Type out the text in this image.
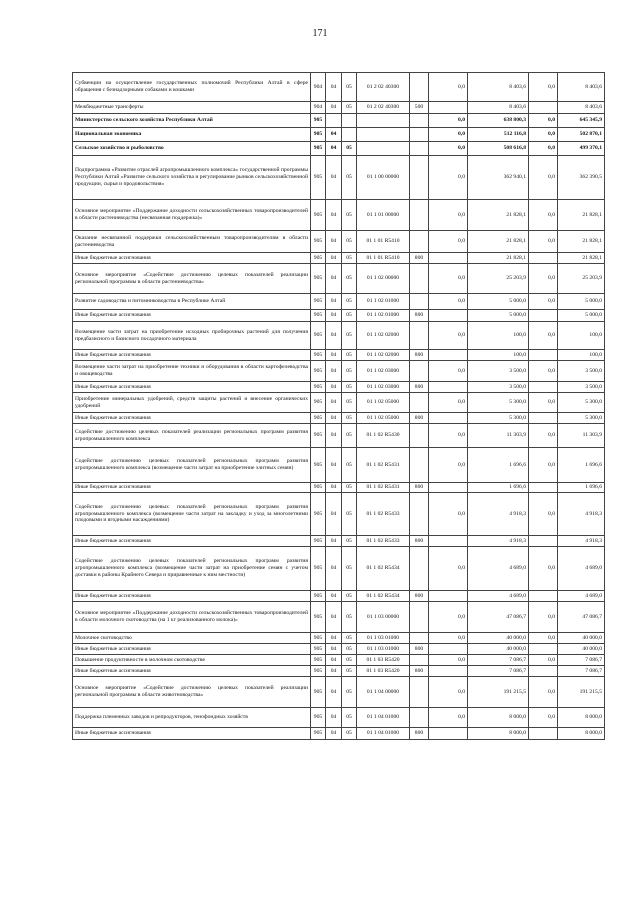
171
Субвенции на осуществление государственных полномочий Республики Алтай в сфере обращения с безнадзорными собаками и кошками	904	04	05	01 2 02 40300		0,0	8 403,6	0,0	8 403,6
Межбюджетные трансферты	904	04	05	01 2 02 40300	500		8 403,6		8 403,6
Министерство сельского хозяйства Республики Алтай	905					0,0	638 800,3	0,0	645 345,9
Национальная экономика	905	04				0,0	512 116,8	0,0	502 870,1
Сельское хозяйство и рыболовство	905	04	05			0,0	508 616,8	0,0	499 370,1
Подпрограмма «Развитие отраслей агропромышленного комплекса» государственной программы Республики Алтай «Развитие сельского хозяйства и регулирование рынков сельскохозяйственной продукции, сырья и продовольствия»	905	04	05	01 1 00 00000		0,0	362 940,1	0,0	362 390,5
Основное мероприятие «Поддержание доходности сельскохозяйственных товаропроизводителей в области растениеводства (несвязанная поддержка)»	905	04	05	01 1 01 00000		0,0	21 828,1	0,0	21 828,1
Оказание несвязанной поддержки сельскохозяйственным товаропроизводителям в области растениеводства	905	04	05	01 1 01 R5410		0,0	21 828,1	0,0	21 828,1
Иные бюджетные ассигнования	905	04	05	01 1 01 R5410	800		21 828,1		21 828,1
Основное мероприятие «Содействие достижению целевых показателей реализации региональной программы в области растениеводства»	905	04	05	01 1 02 00000		0,0	25 203,9	0,0	25 203,9
Развитие садоводства и питомниководства в Республике Алтай	905	04	05	01 1 02 01000		0,0	5 000,0	0,0	5 000,0
Иные бюджетные ассигнования	905	04	05	01 1 02 01000	800		5 000,0		5 000,0
Возмещение части затрат на приобретение исходных пробирочных растений для получения предбазисного и базисного посадочного материала	905	04	05	01 1 02 02000		0,0	100,0	0,0	100,0
Иные бюджетные ассигнования	905	04	05	01 1 02 02000	800		100,0		100,0
Возмещение части затрат на приобретение техники и оборудования в области картофелеводства и овощеводства	905	04	05	01 1 02 03000		0,0	3 500,0	0,0	3 500,0
Иные бюджетные ассигнования	905	04	05	01 1 02 03000	800		3 500,0		3 500,0
Приобретение минеральных удобрений, средств защиты растений и внесение органических удобрений	905	04	05	01 1 02 05000		0,0	5 300,0	0,0	5 300,0
Иные бюджетные ассигнования	905	04	05	01 1 02 05000	800		5 300,0		5 300,0
Содействие достижению целевых показателей реализации региональных программ развития агропромышленного комплекса	905	04	05	01 1 02 R5430		0,0	11 303,9	0,0	11 303,9
Содействие достижению целевых показателей региональных программ развития агропромышленного комплекса (возмещение части затрат на приобретение элитных семян)	905	04	05	01 1 02 R5431		0,0	1 696,6	0,0	1 696,6
Иные бюджетные ассигнования	905	04	05	01 1 02 R5431	800		1 696,6		1 696,6
Содействие достижению целевых показателей региональных программ развития агропромышленного комплекса (возмещение части затрат на закладку и уход за многолетними плодовыми и ягодными насаждениями)	905	04	05	01 1 02 R5433		0,0	4 918,3	0,0	4 918,3
Иные бюджетные ассигнования	905	04	05	01 1 02 R5433	800		4 918,3		4 918,3
Содействие достижению целевых показателей региональных программ развития агропромышленного комплекса (возмещение части затрат на приобретение семян с учетом доставки в районы Крайнего Севера и приравненные к ним местности)	905	04	05	01 1 02 R5434		0,0	4 689,0	0,0	4 689,0
Иные бюджетные ассигнования	905	04	05	01 1 02 R5434	800		4 689,0		4 689,0
Основное мероприятие «Поддержание доходности сельскохозяйственных товаропроизводителей в области молочного скотоводства (на 1 кг реализованного молока)»	905	04	05	01 1 03 00000		0,0	47 086,7	0,0	47 086,7
Молочное скотоводство	905	04	05	01 1 03 01000		0,0	40 000,0	0,0	40 000,0
Иные бюджетные ассигнования	905	04	05	01 1 03 01000	800		40 000,0		40 000,0
Повышение продуктивности в молочном скотоводстве	905	04	05	01 1 03 R5420		0,0	7 086,7	0,0	7 086,7
Иные бюджетные ассигнования	905	04	05	01 1 03 R5420	800		7 086,7		7 086,7
Основное мероприятие «Содействие достижению целевых показателей реализации региональной программы в области животноводства»	905	04	05	01 1 04 00000		0,0	191 215,5	0,0	191 215,5
Поддержка племенных заводов и репродукторов, генофондных хозяйств	905	04	05	01 1 04 01000		0,0	8 000,0	0,0	8 000,0
Иные бюджетные ассигнования	905	04	05	01 1 04 01000	800		8 000,0		8 000,0
